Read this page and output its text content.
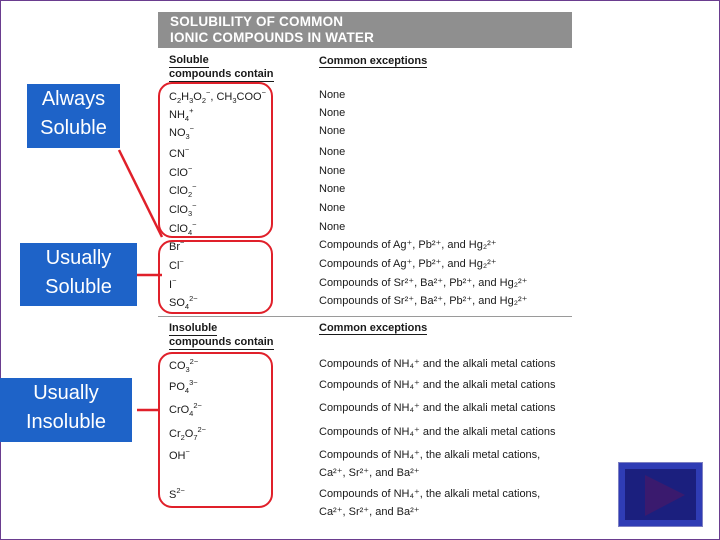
SOLUBILITY OF COMMON
IONIC COMPOUNDS IN WATER
Soluble
compounds contain
Common exceptions
$C_2H_3O_2^-$, $CH_3COO^-$
$NH_4^+$
$NO_3^-$
CN−
ClO−
ClO$_2$−
ClO$_3$−
ClO$_4$−
Br−
Cl−
I−
$SO_4^{2-}$
None
None
None
None
None
None
None
None
Compounds of Ag⁺, Pb²⁺, and Hg₂²⁺
Compounds of Ag⁺, Pb²⁺, and Hg₂²⁺
Compounds of Sr²⁺, Ba²⁺, Pb²⁺, and Hg₂²⁺
Compounds of Sr²⁺, Ba²⁺, Pb²⁺, and Hg₂²⁺
Insoluble
compounds contain
Common exceptions
$CO_3^{2-}$
$PO_4^{3-}$
CrO$_4^{2-}$
$Cr_2O_7^{2-}$
OH−
$S^{2-}$
Compounds of NH₄⁺ and the alkali metal cations
Compounds of NH₄⁺ and the alkali metal cations
Compounds of NH₄⁺ and the alkali metal cations
Compounds of NH₄⁺ and the alkali metal cations
Compounds of NH₄⁺, the alkali metal cations,
Ca²⁺, Sr²⁺, and Ba²⁺
Compounds of NH₄⁺, the alkali metal cations,
Ca²⁺, Sr²⁺, and Ba²⁺
Always
Soluble
Usually
Soluble
Usually
Insoluble
